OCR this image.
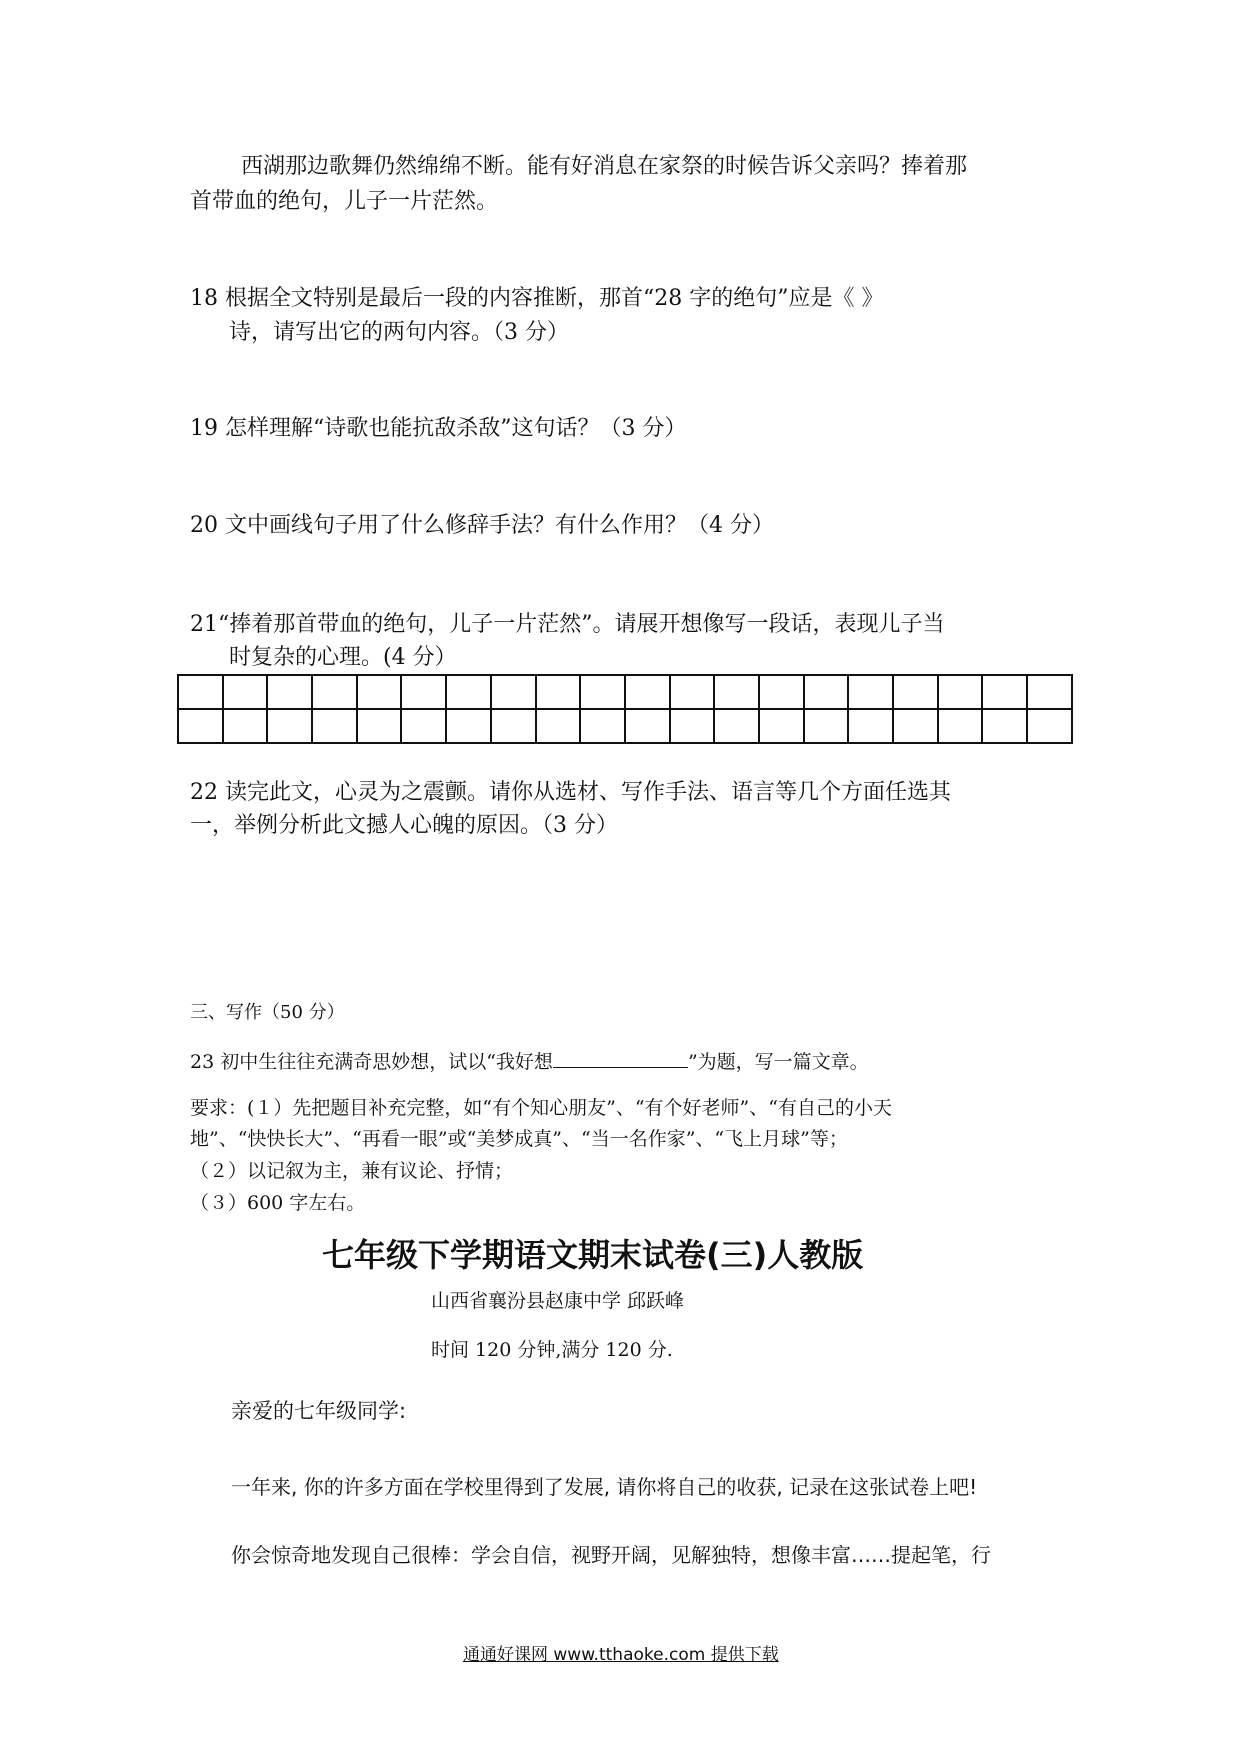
西湖那边歌舞仍然绵绵不断。能有好消息在家祭的时候告诉父亲吗？捧着那
首带血的绝句，儿子一片茫然。
18 根据全文特别是最后一段的内容推断，那首“28 字的绝句”应是《 》
诗，请写出它的两句内容。（3 分）
19 怎样理解“诗歌也能抗敌杀敌”这句话？（3 分）
20 文中画线句子用了什么修辞手法？有什么作用？（4 分）
21“捧着那首带血的绝句，儿子一片茫然”。请展开想像写一段话，表现儿子当
时复杂的心理。(4 分）

22 读完此文，心灵为之震颤。请你从选材、写作手法、语言等几个方面任选其
一，举例分析此文撼人心魄的原因。（3 分）
三、写作（50 分）
23 初中生往往充满奇思妙想，试以“我好想	”为题，写一篇文章。
要求：(１）先把题目补充完整，如“有个知心朋友”、“有个好老师”、“有自己的小天
地”、“快快长大”、“再看一眼”或“美梦成真”、“当一名作家”、“飞上月球”等；
（２）以记叙为主，兼有议论、抒情；
（３）600 字左右。
七年级下学期语文期末试卷(三)人教版
山西省襄汾县赵康中学 邱跃峰
时间 120 分钟,满分 120 分.
亲爱的七年级同学:
一年来, 你的许多方面在学校里得到了发展, 请你将自己的收获, 记录在这张试卷上吧!
你会惊奇地发现自己很棒：学会自信，视野开阔，见解独特，想像丰富……提起笔，行
通通好课网 www.tthaoke.com 提供下载
